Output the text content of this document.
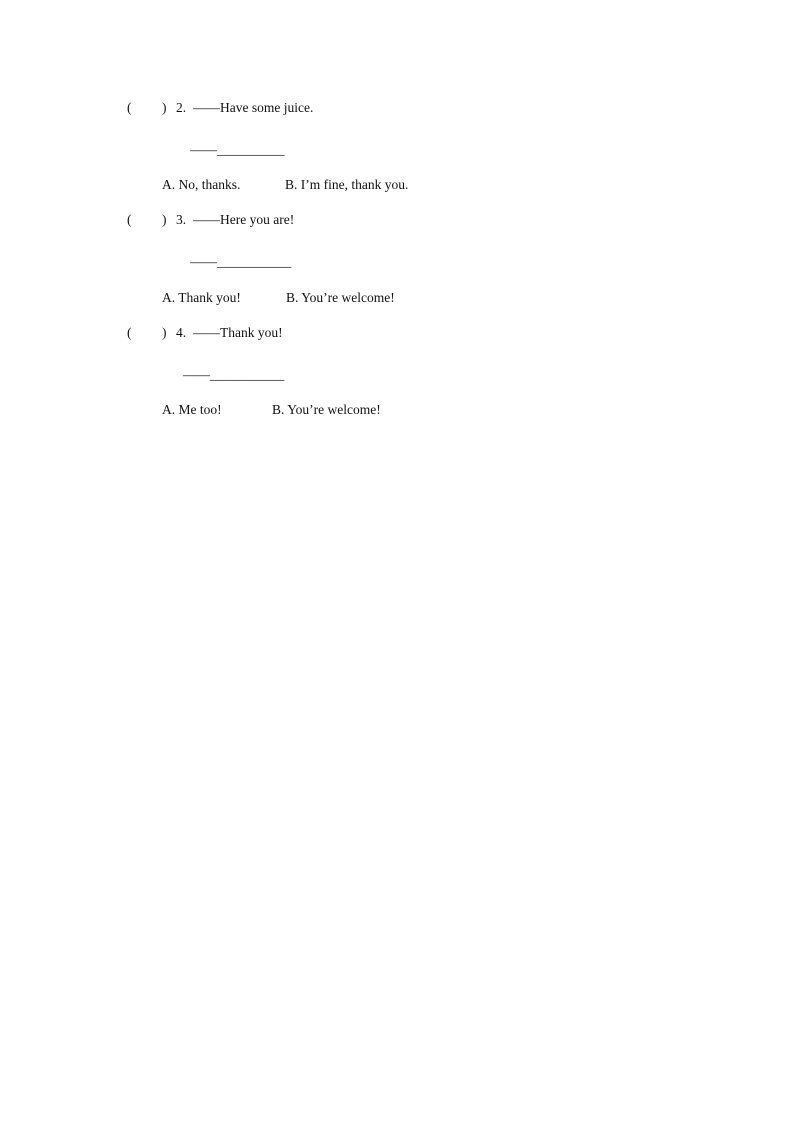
( ) 2. ——Have some juice.
——__________
A. No, thanks.	B. I’m fine, thank you.
( ) 3. ——Here you are!
——___________
A. Thank you!	B. You’re welcome!
( ) 4. ——Thank you!
——___________
A. Me too!	B. You’re welcome!
